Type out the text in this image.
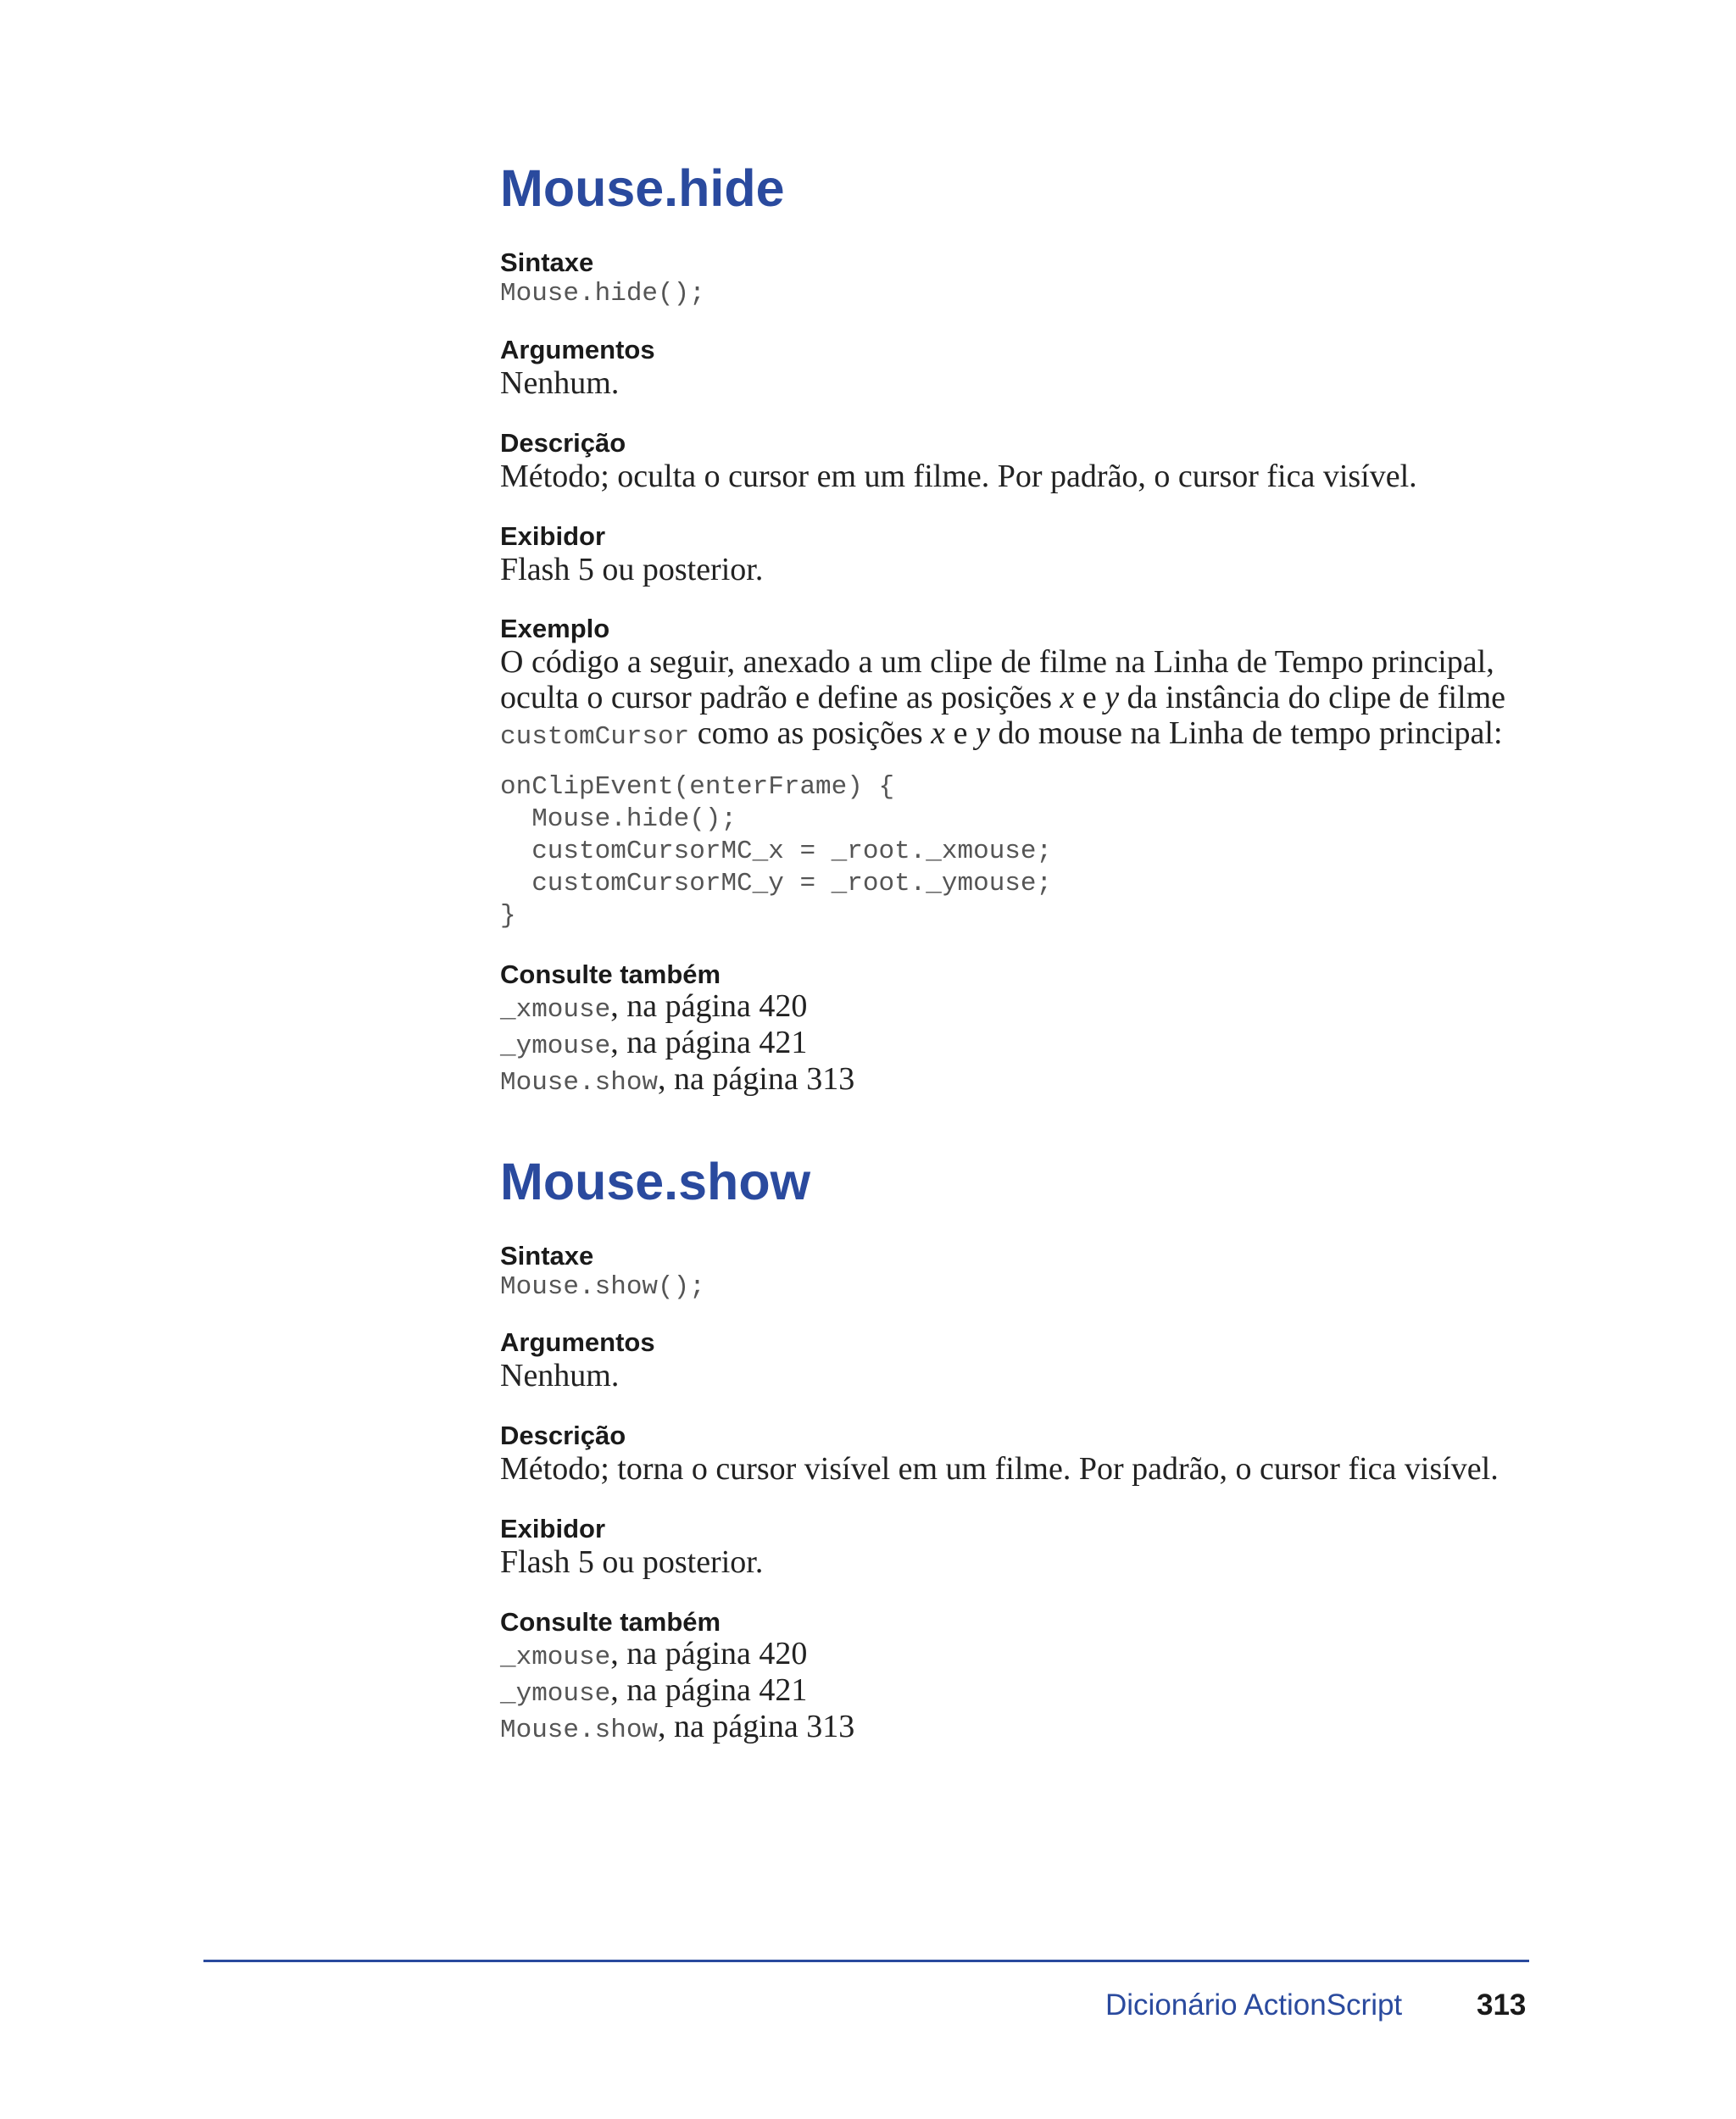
Mouse.hide
Sintaxe
Mouse.hide();
Argumentos
Nenhum.
Descrição
Método; oculta o cursor em um filme. Por padrão, o cursor fica visível.
Exibidor
Flash 5 ou posterior.
Exemplo
O código a seguir, anexado a um clipe de filme na Linha de Tempo principal,
oculta o cursor padrão e define as posições x e y da instância do clipe de filme
customCursor como as posições x e y do mouse na Linha de tempo principal:
onClipEvent(enterFrame) {
Mouse.hide();
customCursorMC_x = _root._xmouse;
customCursorMC_y = _root._ymouse;
}
Consulte também
_xmouse, na página 420
_ymouse, na página 421
Mouse.show, na página 313
Mouse.show
Sintaxe
Mouse.show();
Argumentos
Nenhum.
Descrição
Método; torna o cursor visível em um filme. Por padrão, o cursor fica visível.
Exibidor
Flash 5 ou posterior.
Consulte também
_xmouse, na página 420
_ymouse, na página 421
Mouse.show, na página 313
Dicionário ActionScript	313
